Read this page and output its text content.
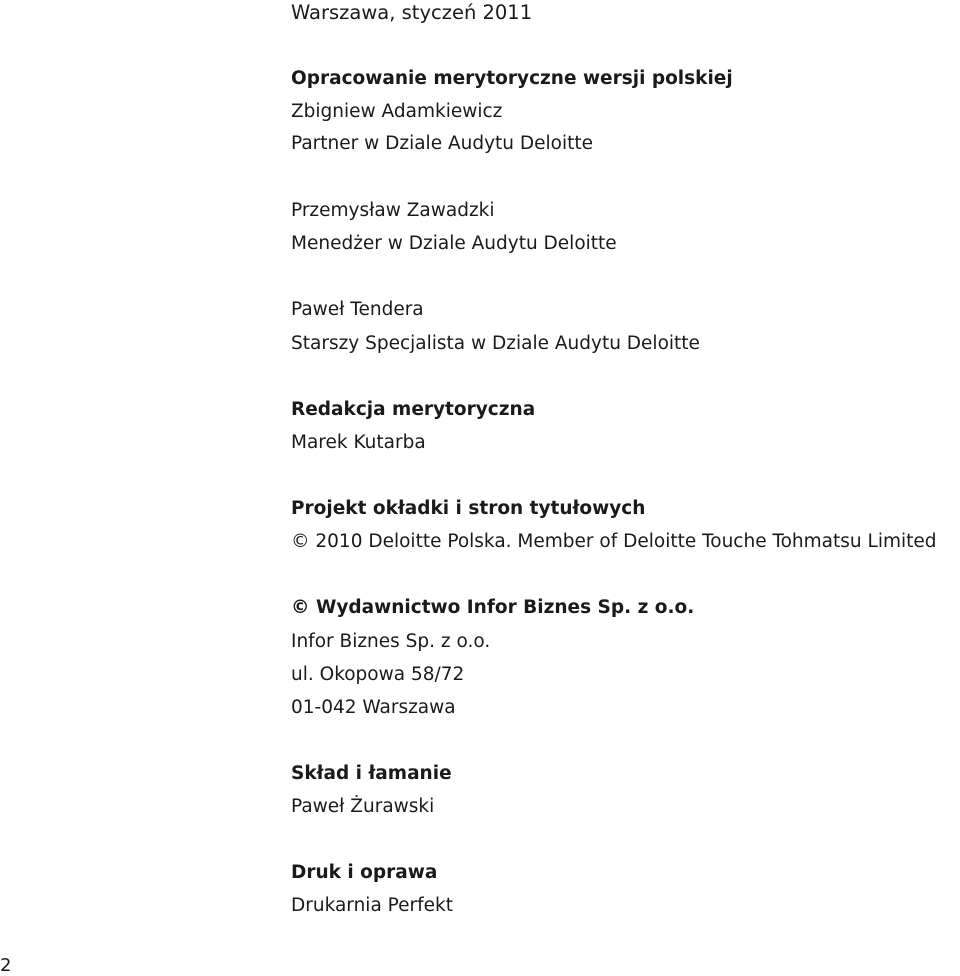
Warszawa, styczeń 2011
Opracowanie merytoryczne wersji polskiej
Zbigniew Adamkiewicz
Partner w Dziale Audytu Deloitte
Przemysław Zawadzki
Menedżer w Dziale Audytu Deloitte
Paweł Tendera
Starszy Specjalista w Dziale Audytu Deloitte
Redakcja merytoryczna
Marek Kutarba
Projekt okładki i stron tytułowych
© 2010 Deloitte Polska. Member of Deloitte Touche Tohmatsu Limited
© Wydawnictwo Infor Biznes Sp. z o.o.
Infor Biznes Sp. z o.o.
ul. Okopowa 58/72
01-042 Warszawa
Skład i łamanie
Paweł Żurawski
Druk i oprawa
Drukarnia Perfekt
2
